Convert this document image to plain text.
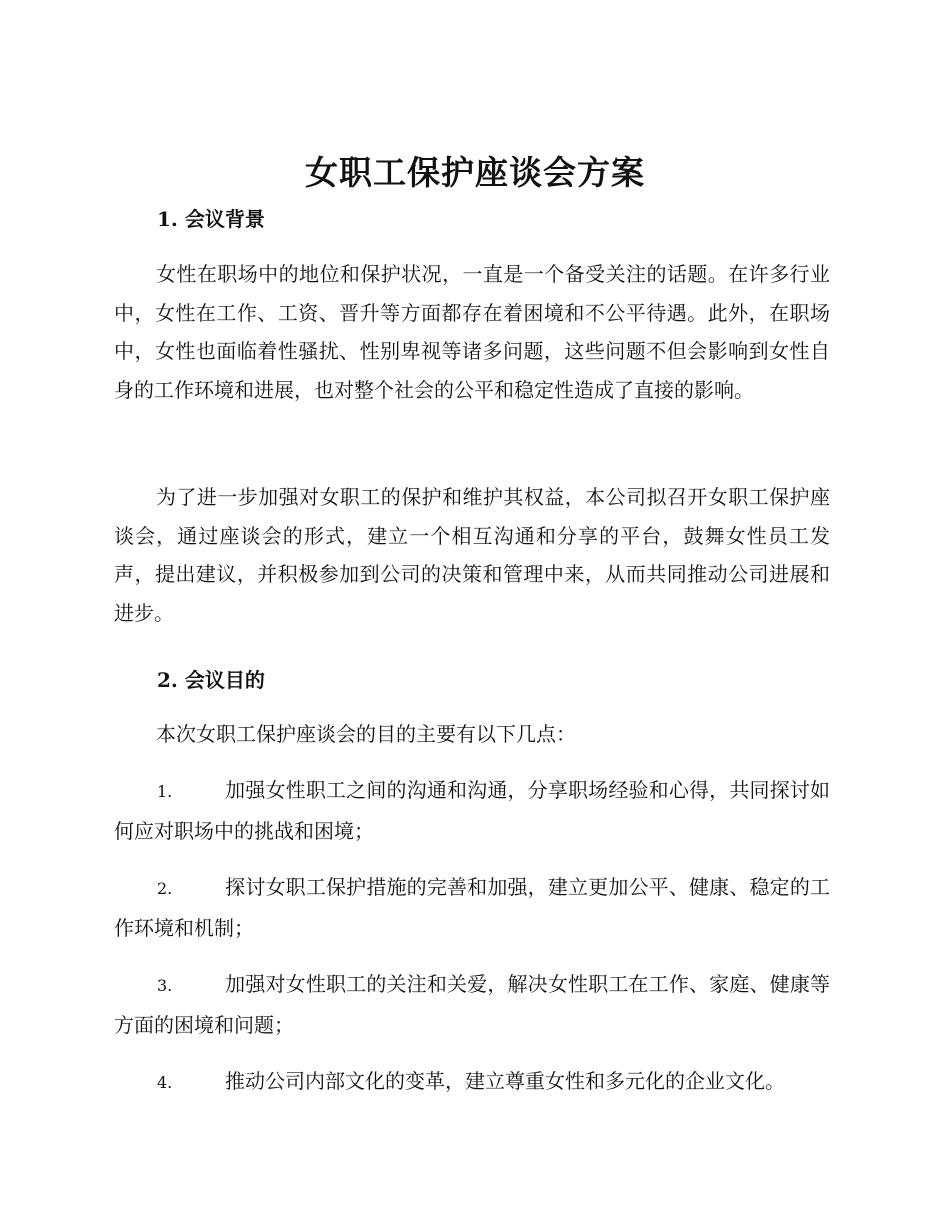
女职工保护座谈会方案
1. 会议背景

女性在职场中的地位和保护状况，一直是一个备受关注的话题。在许多行业中，女性在工作、工资、晋升等方面都存在着困境和不公平待遇。此外，在职场中，女性也面临着性骚扰、性别卑视等诸多问题，这些问题不但会影响到女性自身的工作环境和进展，也对整个社会的公平和稳定性造成了直接的影响。

为了进一步加强对女职工的保护和维护其权益，本公司拟召开女职工保护座谈会，通过座谈会的形式，建立一个相互沟通和分享的平台，鼓舞女性员工发声，提出建议，并积极参加到公司的决策和管理中来，从而共同推动公司进展和进步。

2. 会议目的

本次女职工保护座谈会的目的主要有以下几点：

1.	加强女性职工之间的沟通和沟通，分享职场经验和心得，共同探讨如何应对职场中的挑战和困境；

2.	探讨女职工保护措施的完善和加强，建立更加公平、健康、稳定的工作环境和机制；

3.	加强对女性职工的关注和关爱，解决女性职工在工作、家庭、健康等方面的困境和问题；

4.	推动公司内部文化的变革，建立尊重女性和多元化的企业文化。
